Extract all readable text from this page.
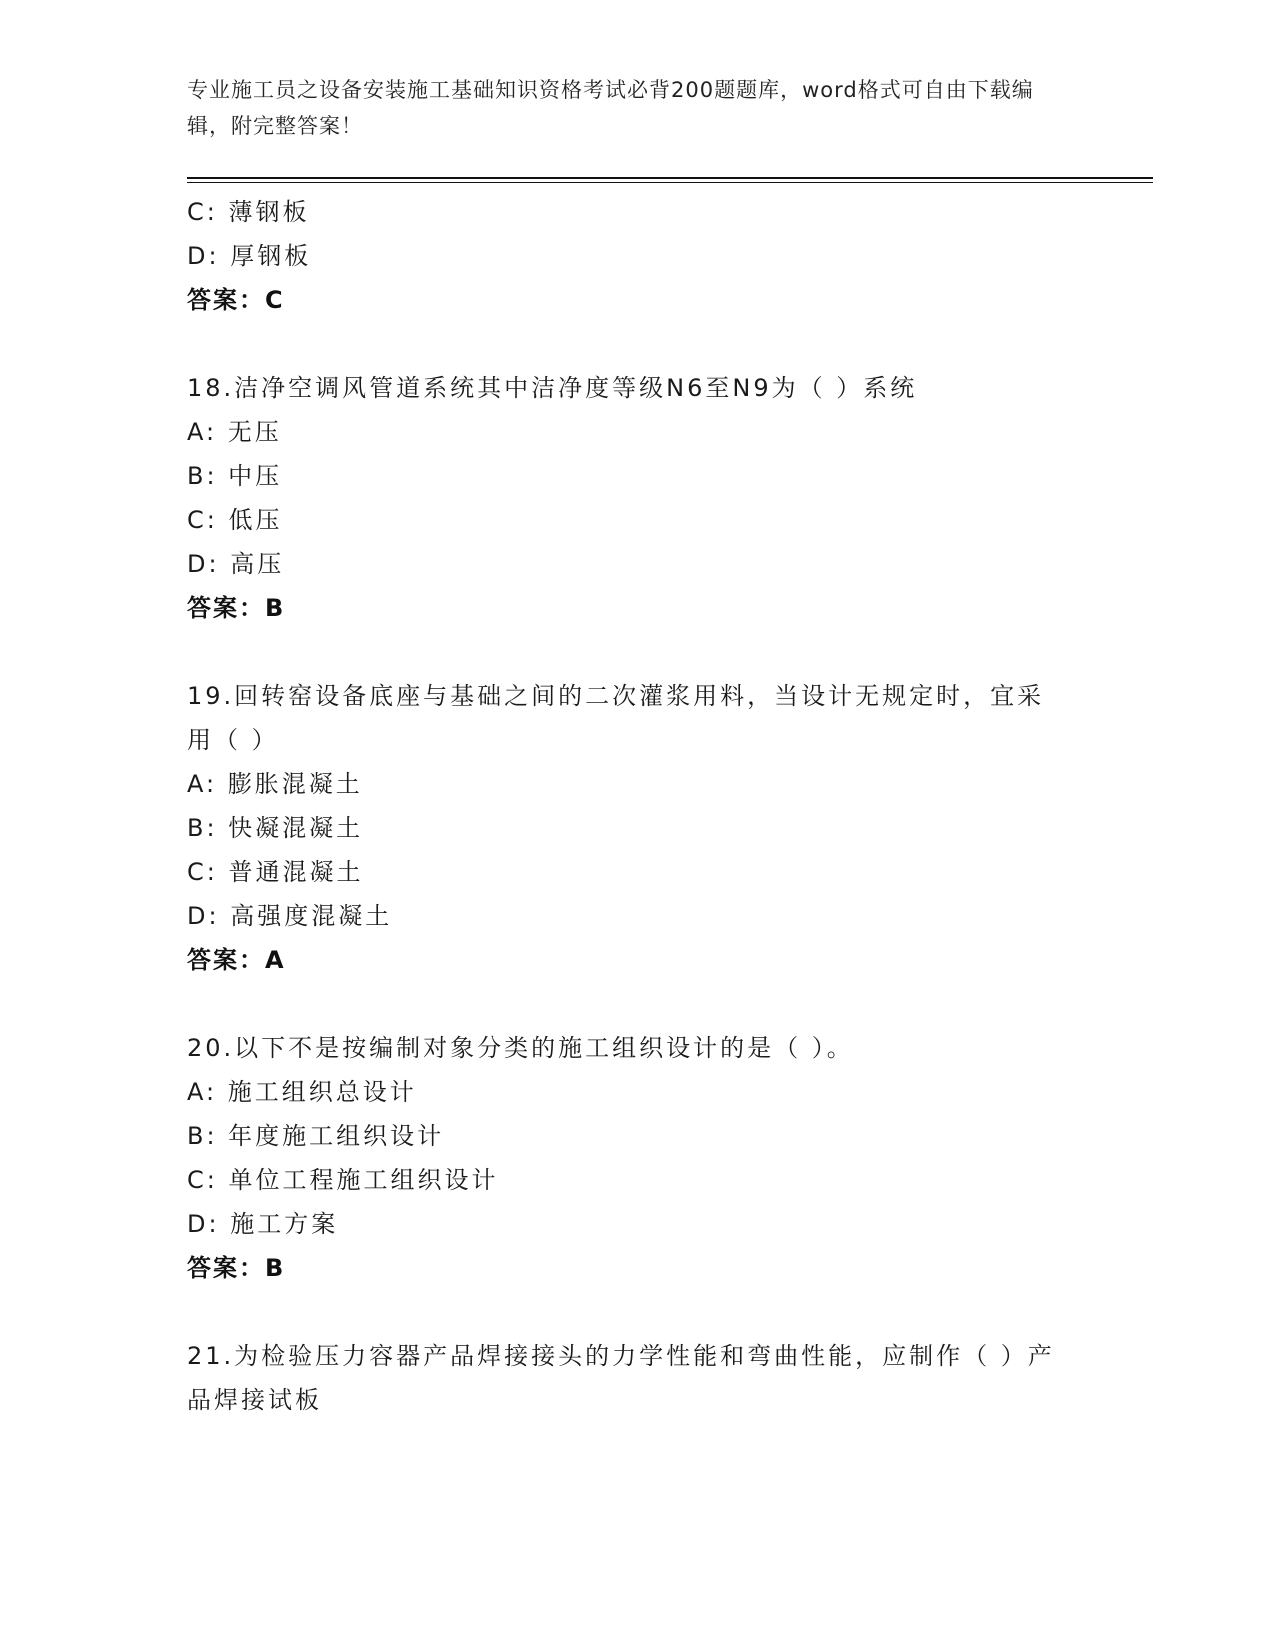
专业施工员之设备安装施工基础知识资格考试必背200题题库，word格式可自由下载编辑，附完整答案！
C: 薄钢板
D: 厚钢板
答案：C
18.洁净空调风管道系统其中洁净度等级N6至N9为（ ）系统
A: 无压
B: 中压
C: 低压
D: 高压
答案：B
19.回转窑设备底座与基础之间的二次灌浆用料，当设计无规定时，宜采用（ ）
A: 膨胀混凝土
B: 快凝混凝土
C: 普通混凝土
D: 高强度混凝土
答案：A
20.以下不是按编制对象分类的施工组织设计的是（ ）。
A: 施工组织总设计
B: 年度施工组织设计
C: 单位工程施工组织设计
D: 施工方案
答案：B
21.为检验压力容器产品焊接接头的力学性能和弯曲性能，应制作（ ）产品焊接试板
